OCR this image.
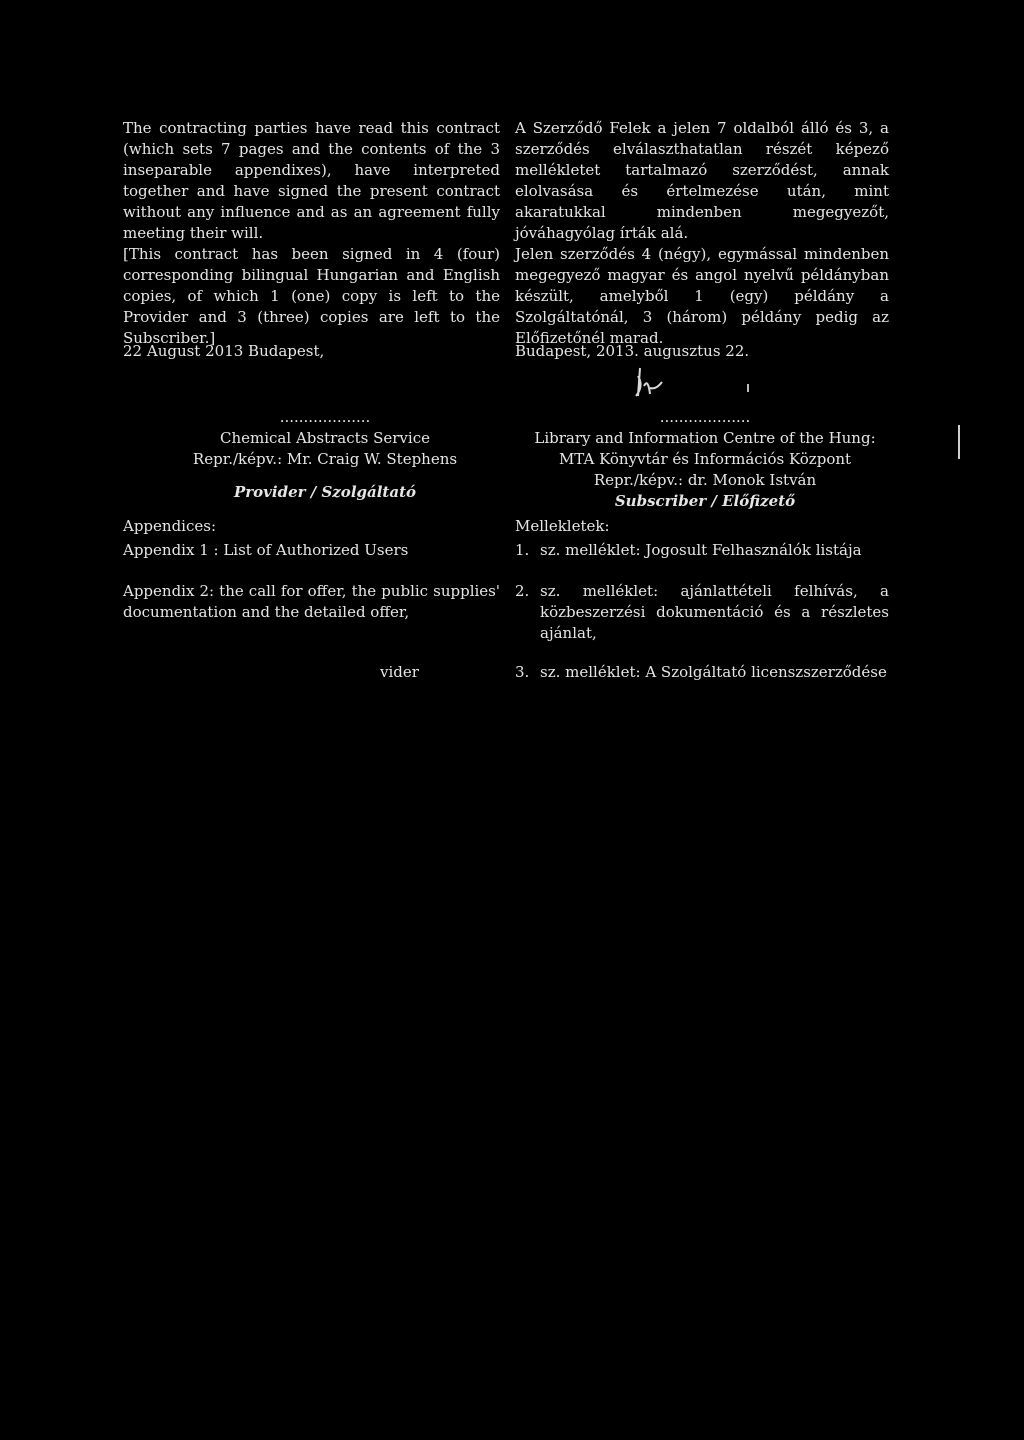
The contracting parties have read this contract (which sets 7 pages and the contents of the 3 inseparable appendixes), have interpreted together and have signed the present contract without any influence and as an agreement fully meeting their will.
[This contract has been signed in 4 (four) corresponding bilingual Hungarian and English copies, of which 1 (one) copy is left to the Provider and 3 (three) copies are left to the Subscriber.]
22 August 2013 Budapest,
...................
Chemical Abstracts Service
Repr./képv.: Mr. Craig W. Stephens
Provider / Szolgáltató
Appendices:
Appendix 1 : List of Authorized Users
Appendix 2: the call for offer, the public supplies' documentation and the detailed offer,
vider
A Szerződő Felek a jelen 7 oldalból álló és 3, a szerződés elválaszthatatlan részét képező mellékletet tartalmazó szerződést, annak elolvasása és értelmezése után, mint akaratukkal mindenben megegyezőt, jóváhagyólag írták alá.
Jelen szerződés 4 (négy), egymással mindenben megegyező magyar és angol nyelvű példányban készült, amelyből 1 (egy) példány a Szolgáltatónál, 3 (három) példány pedig az Előfizetőnél marad.
Budapest, 2013. augusztus 22.
...................
Library and Information Centre of the Hung:
MTA Könyvtár és Információs Központ
Repr./képv.: dr. Monok István
Subscriber / Előfizető
Mellekletek:
1. sz. melléklet: Jogosult Felhasználók listája
2. sz. melléklet: ajánlattételi felhívás, a közbeszerzési dokumentáció és a részletes ajánlat,
3. sz. melléklet: A Szolgáltató licenszszerződése
